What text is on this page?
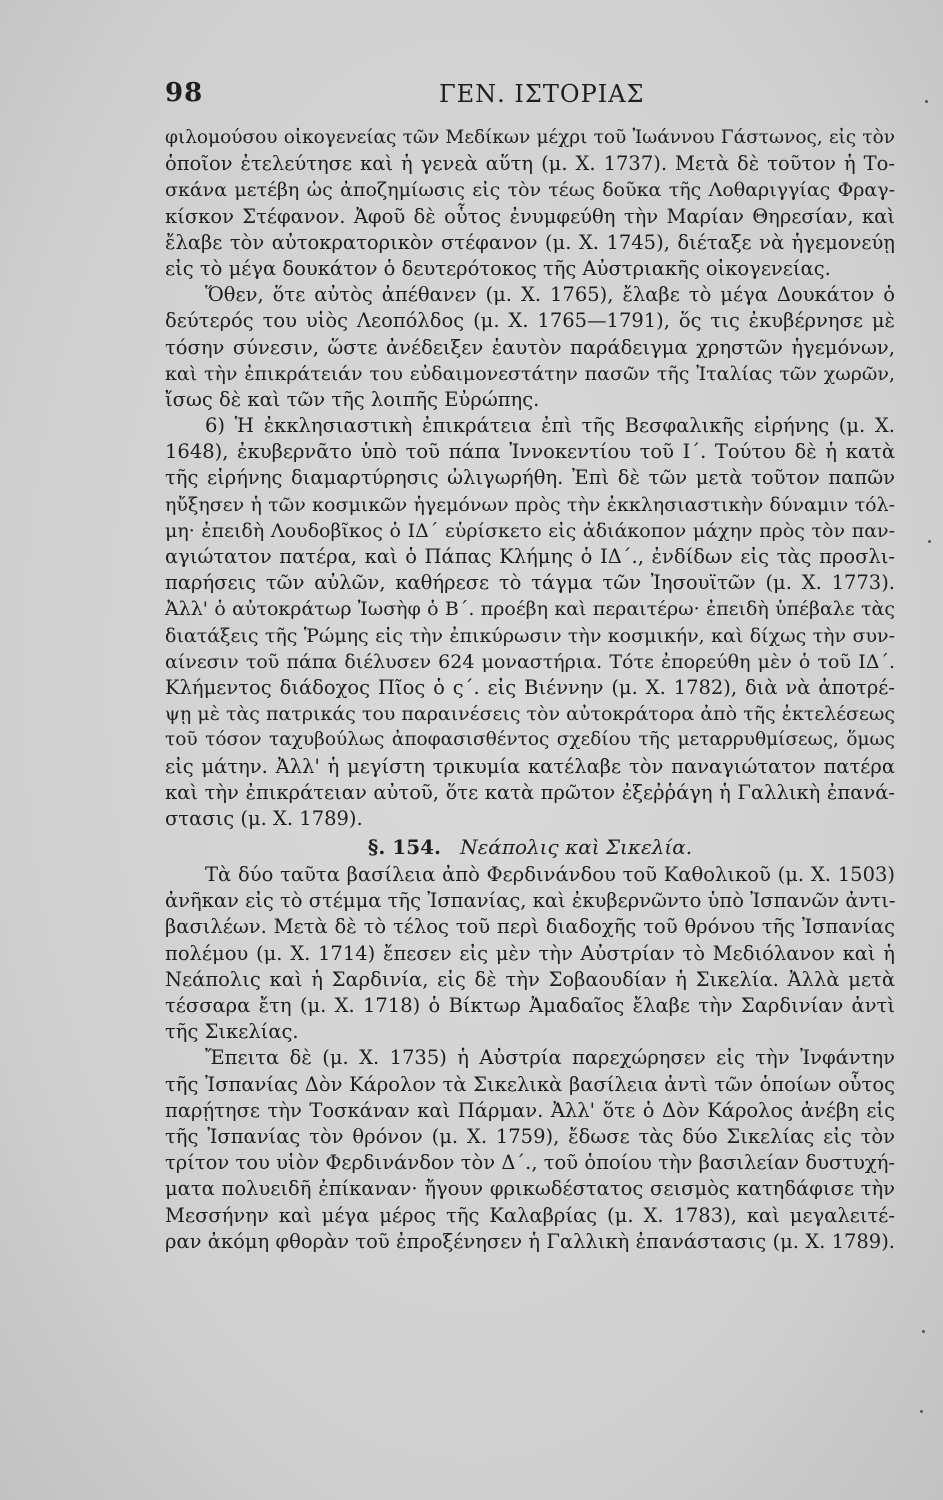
98	ΓΕΝ. ΙΣΤΟΡΙΑΣ
φιλομούσου οἰκογενείας τῶν Μεδίκων μέχρι τοῦ Ἰωάννου Γάστωνος, εἰς τὸν
ὁποῖον ἐτελεύτησε καὶ ἡ γενεὰ αὕτη (μ. Χ. 1737). Μετὰ δὲ τοῦτον ἡ Το-
σκάνα μετέβη ὡς ἀποζημίωσις εἰς τὸν τέως δοῦκα τῆς Λοθαριγγίας Φραγ-
κίσκον Στέφανον. Ἀφοῦ δὲ οὗτος ἐνυμφεύθη τὴν Μαρίαν Θηρεσίαν, καὶ
ἔλαβε τὸν αὐτοκρατορικὸν στέφανον (μ. Χ. 1745), διέταξε νὰ ἡγεμονεύῃ
εἰς τὸ μέγα δουκάτον ὁ δευτερότοκος τῆς Αὐστριακῆς οἰκογενείας.
Ὅθεν, ὅτε αὐτὸς ἀπέθανεν (μ. Χ. 1765), ἔλαβε τὸ μέγα Δουκάτον ὁ
δεύτερός του υἱὸς Λεοπόλδος (μ. Χ. 1765—1791), ὅς τις ἐκυβέρνησε μὲ
τόσην σύνεσιν, ὥστε ἀνέδειξεν ἑαυτὸν παράδειγμα χρηστῶν ἡγεμόνων,
καὶ τὴν ἐπικράτειάν του εὐδαιμονεστάτην πασῶν τῆς Ἰταλίας τῶν χωρῶν,
ἴσως δὲ καὶ τῶν τῆς λοιπῆς Εὐρώπης.
6) Ἡ ἐκκλησιαστικὴ ἐπικράτεια ἐπὶ τῆς Βεσφαλικῆς εἰρήνης (μ. Χ.
1648), ἐκυβερνᾶτο ὑπὸ τοῦ πάπα Ἰννοκεντίου τοῦ Ι΄. Τούτου δὲ ἡ κατὰ
τῆς εἰρήνης διαμαρτύρησις ὠλιγωρήθη. Ἐπὶ δὲ τῶν μετὰ τοῦτον παπῶν
ηὔξησεν ἡ τῶν κοσμικῶν ἡγεμόνων πρὸς τὴν ἐκκλησιαστικὴν δύναμιν τόλ-
μη· ἐπειδὴ Λουδοβῖκος ὁ ΙΔ΄ εὑρίσκετο εἰς ἀδιάκοπον μάχην πρὸς τὸν παν-
αγιώτατον πατέρα, καὶ ὁ Πάπας Κλήμης ὁ ΙΔ΄., ἐνδίδων εἰς τὰς προσλι-
παρήσεις τῶν αὐλῶν, καθήρεσε τὸ τάγμα τῶν Ἰησουϊτῶν (μ. Χ. 1773).
Ἀλλ' ὁ αὐτοκράτωρ Ἰωσὴφ ὁ Β΄. προέβη καὶ περαιτέρω· ἐπειδὴ ὑπέβαλε τὰς
διατάξεις τῆς Ῥώμης εἰς τὴν ἐπικύρωσιν τὴν κοσμικήν, καὶ δίχως τὴν συν-
αίνεσιν τοῦ πάπα διέλυσεν 624 μοναστήρια. Τότε ἐπορεύθη μὲν ὁ τοῦ ΙΔ΄.
Κλήμεντος διάδοχος Πῖος ὁ ς΄. εἰς Βιέννην (μ. Χ. 1782), διὰ νὰ ἀποτρέ-
ψῃ μὲ τὰς πατρικάς του παραινέσεις τὸν αὐτοκράτορα ἀπὸ τῆς ἐκτελέσεως
τοῦ τόσον ταχυβούλως ἀποφασισθέντος σχεδίου τῆς μεταρρυθμίσεως, ὅμως
εἰς μάτην. Ἀλλ' ἡ μεγίστη τρικυμία κατέλαβε τὸν παναγιώτατον πατέρα
καὶ τὴν ἐπικράτειαν αὐτοῦ, ὅτε κατὰ πρῶτον ἐξεῤῥάγη ἡ Γαλλικὴ ἐπανά-
στασις (μ. Χ. 1789).
§. 154. Νεάπολις καὶ Σικελία.
Τὰ δύο ταῦτα βασίλεια ἀπὸ Φερδινάνδου τοῦ Καθολικοῦ (μ. Χ. 1503)
ἀνῆκαν εἰς τὸ στέμμα τῆς Ἰσπανίας, καὶ ἐκυβερνῶντο ὑπὸ Ἰσπανῶν ἀντι-
βασιλέων. Μετὰ δὲ τὸ τέλος τοῦ περὶ διαδοχῆς τοῦ θρόνου τῆς Ἰσπανίας
πολέμου (μ. Χ. 1714) ἔπεσεν εἰς μὲν τὴν Αὐστρίαν τὸ Μεδιόλανον καὶ ἡ
Νεάπολις καὶ ἡ Σαρδινία, εἰς δὲ τὴν Σοβαουδίαν ἡ Σικελία. Ἀλλὰ μετὰ
τέσσαρα ἔτη (μ. Χ. 1718) ὁ Βίκτωρ Ἀμαδαῖος ἔλαβε τὴν Σαρδινίαν ἀντὶ
τῆς Σικελίας.
Ἔπειτα δὲ (μ. Χ. 1735) ἡ Αὐστρία παρεχώρησεν εἰς τὴν Ἰνφάντην
τῆς Ἰσπανίας Δὸν Κάρολον τὰ Σικελικὰ βασίλεια ἀντὶ τῶν ὁποίων οὗτος
παρῄτησε τὴν Τοσκάναν καὶ Πάρμαν. Ἀλλ' ὅτε ὁ Δὸν Κάρολος ἀνέβη εἰς
τῆς Ἰσπανίας τὸν θρόνον (μ. Χ. 1759), ἔδωσε τὰς δύο Σικελίας εἰς τὸν
τρίτον του υἱὸν Φερδινάνδον τὸν Δ΄., τοῦ ὁποίου τὴν βασιλείαν δυστυχή-
ματα πολυειδῆ ἐπίκαναν· ἤγουν φρικωδέστατος σεισμὸς κατηδάφισε τὴν
Μεσσήνην καὶ μέγα μέρος τῆς Καλαβρίας (μ. Χ. 1783), καὶ μεγαλειτέ-
ραν ἀκόμη φθορὰν τοῦ ἐπροξένησεν ἡ Γαλλικὴ ἐπανάστασις (μ. Χ. 1789).
